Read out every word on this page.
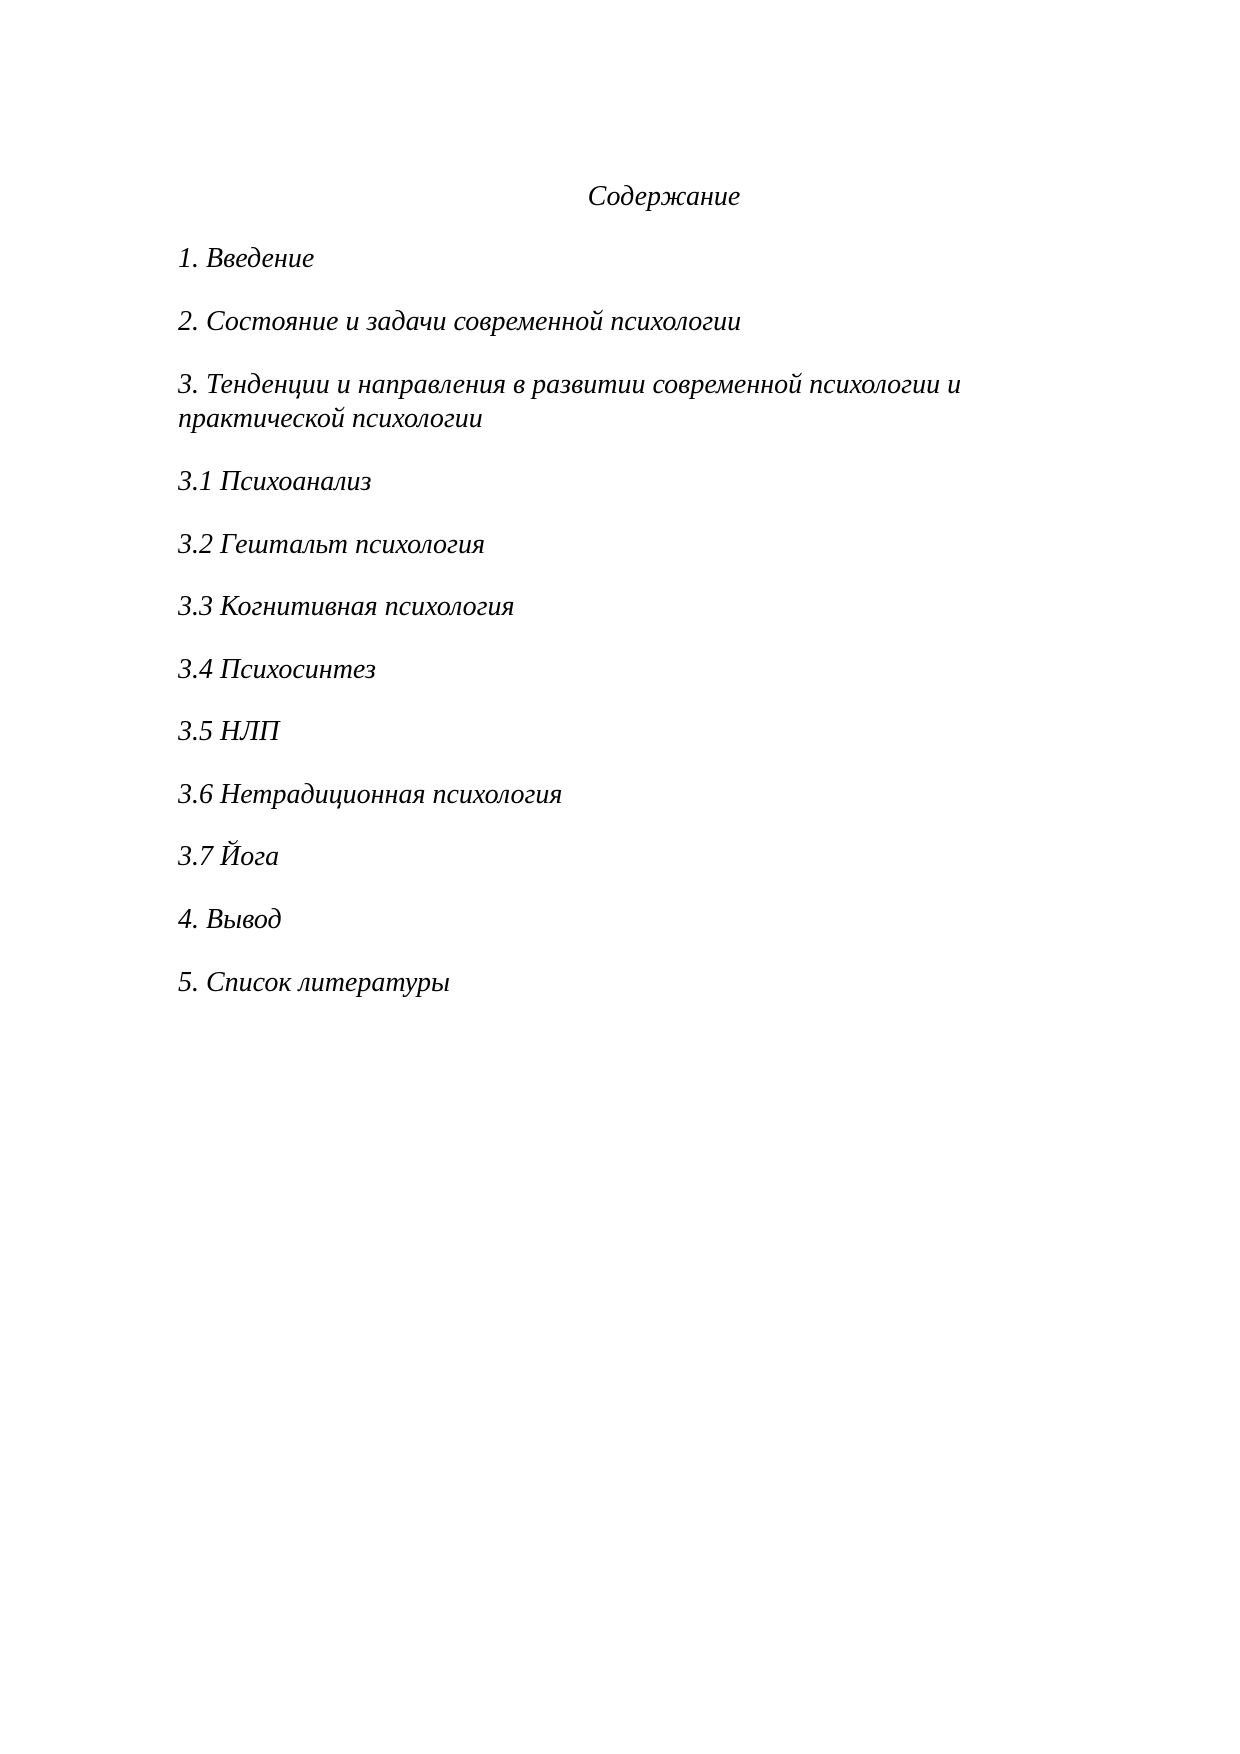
Содержание

1. Введение

2. Состояние и задачи современной психологии

3. Тенденции и направления в развитии современной психологии и практической психологии

3.1 Психоанализ

3.2 Гештальт психология

3.3 Когнитивная психология

3.4 Психосинтез

3.5 НЛП

3.6 Нетрадиционная психология

3.7 Йога

4. Вывод

5. Список литературы
